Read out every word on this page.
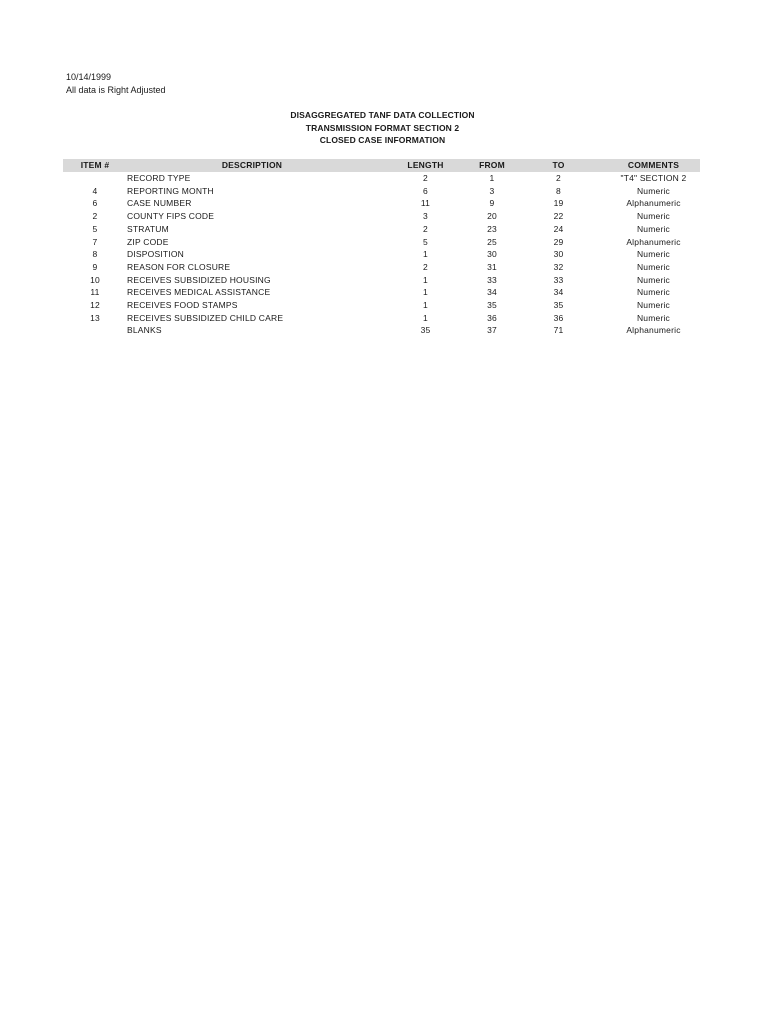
10/14/1999
All data is Right Adjusted
DISAGGREGATED TANF DATA COLLECTION
TRANSMISSION FORMAT SECTION 2
CLOSED CASE INFORMATION
ITEM #	DESCRIPTION	LENGTH	FROM	TO	COMMENTS
	RECORD TYPE	2	1	2	"T4" SECTION 2
4	REPORTING MONTH	6	3	8	Numeric
6	CASE NUMBER	11	9	19	Alphanumeric
2	COUNTY FIPS CODE	3	20	22	Numeric
5	STRATUM	2	23	24	Numeric
7	ZIP CODE	5	25	29	Alphanumeric
8	DISPOSITION	1	30	30	Numeric
9	REASON FOR CLOSURE	2	31	32	Numeric
10	RECEIVES SUBSIDIZED HOUSING	1	33	33	Numeric
11	RECEIVES MEDICAL ASSISTANCE	1	34	34	Numeric
12	RECEIVES FOOD STAMPS	1	35	35	Numeric
13	RECEIVES SUBSIDIZED CHILD CARE	1	36	36	Numeric
	BLANKS	35	37	71	Alphanumeric
